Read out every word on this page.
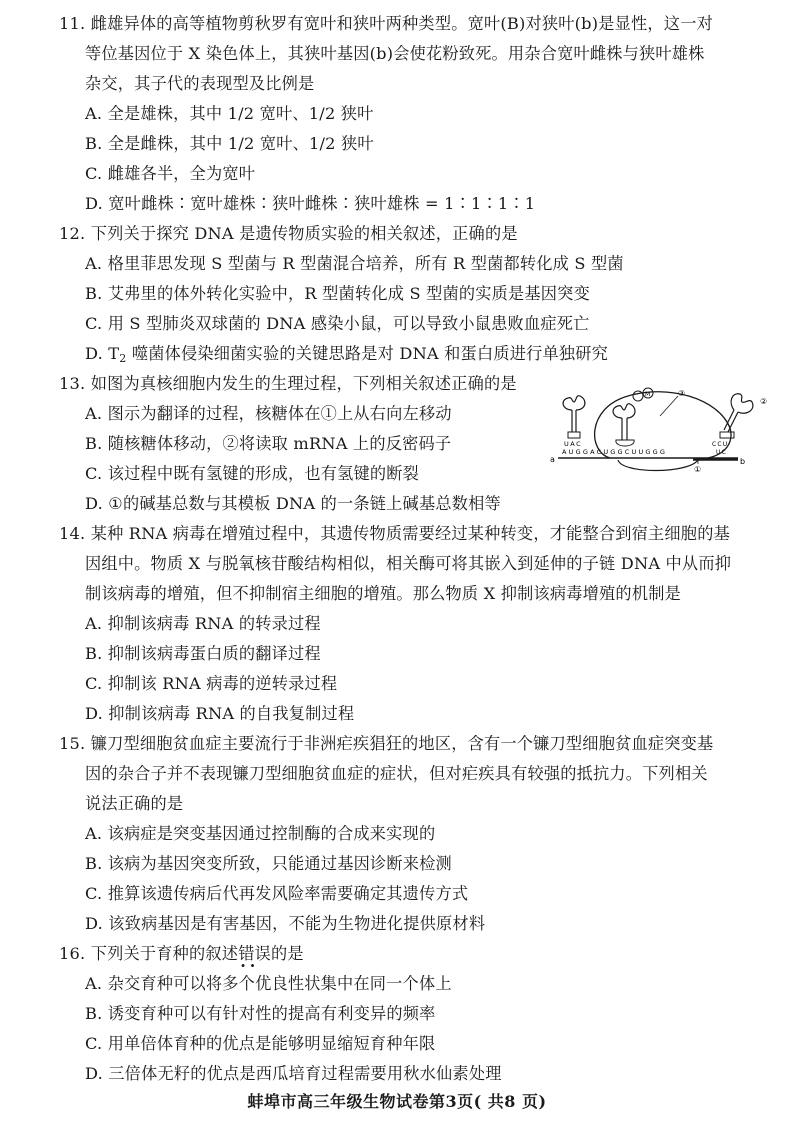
11. 雌雄异体的高等植物剪秋罗有宽叶和狭叶两种类型。宽叶(B)对狭叶(b)是显性，这一对
等位基因位于 X 染色体上，其狭叶基因(b)会使花粉致死。用杂合宽叶雌株与狭叶雄株
杂交，其子代的表现型及比例是
A. 全是雄株，其中 1/2 宽叶、1/2 狭叶
B. 全是雌株，其中 1/2 宽叶、1/2 狭叶
C. 雌雄各半，全为宽叶
D. 宽叶雌株∶宽叶雄株∶狭叶雌株∶狭叶雄株 = 1∶1∶1∶1
12. 下列关于探究 DNA 是遗传物质实验的相关叙述，正确的是
A. 格里菲思发现 S 型菌与 R 型菌混合培养，所有 R 型菌都转化成 S 型菌
B. 艾弗里的体外转化实验中，R 型菌转化成 S 型菌的实质是基因突变
C. 用 S 型肺炎双球菌的 DNA 感染小鼠，可以导致小鼠患败血症死亡
D. $T_2$ 噬菌体侵染细菌实验的关键思路是对 DNA 和蛋白质进行单独研究
13. 如图为真核细胞内发生的生理过程，下列相关叙述正确的是
A. 图示为翻译的过程，核糖体在①上从右向左移动
B. 随核糖体移动，②将读取 mRNA 上的反密码子
C. 该过程中既有氢键的形成，也有氢键的断裂
D. ①的碱基总数与其模板 DNA 的一条链上碱基总数相等
a	b
AUGGACUGGCUUGGG
UAC
M	③
②
CCU
UC
①
14. 某种 RNA 病毒在增殖过程中，其遗传物质需要经过某种转变，才能整合到宿主细胞的基
因组中。物质 X 与脱氧核苷酸结构相似，相关酶可将其嵌入到延伸的子链 DNA 中从而抑
制该病毒的增殖，但不抑制宿主细胞的增殖。那么物质 X 抑制该病毒增殖的机制是
A. 抑制该病毒 RNA 的转录过程
B. 抑制该病毒蛋白质的翻译过程
C. 抑制该 RNA 病毒的逆转录过程
D. 抑制该病毒 RNA 的自我复制过程
15. 镰刀型细胞贫血症主要流行于非洲疟疾猖狂的地区，含有一个镰刀型细胞贫血症突变基
因的杂合子并不表现镰刀型细胞贫血症的症状，但对疟疾具有较强的抵抗力。下列相关
说法正确的是
A. 该病症是突变基因通过控制酶的合成来实现的
B. 该病为基因突变所致，只能通过基因诊断来检测
C. 推算该遗传病后代再发风险率需要确定其遗传方式
D. 该致病基因是有害基因，不能为生物进化提供原材料
16. 下列关于育种的叙述错误 ··的是
A. 杂交育种可以将多个优良性状集中在同一个体上
B. 诱变育种可以有针对性的提高有利变异的频率
C. 用单倍体育种的优点是能够明显缩短育种年限
D. 三倍体无籽的优点是西瓜培育过程需要用秋水仙素处理
蚌埠市高三年级生物试卷第3页( 共8 页)
